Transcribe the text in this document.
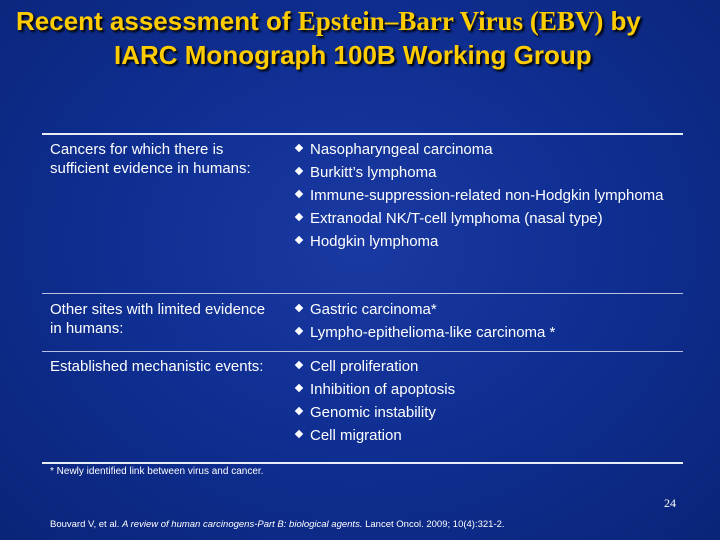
Recent assessment of Epstein–Barr Virus (EBV) by
IARC Monograph 100B Working Group
Cancers for which there is sufficient evidence in humans:
Nasopharyngeal carcinoma
Burkitt’s lymphoma
Immune-suppression-related non-Hodgkin lymphoma
Extranodal NK/T-cell lymphoma (nasal type)
Hodgkin lymphoma
Other sites with limited evidence in humans:
Gastric carcinoma*
Lympho-epithelioma-like carcinoma *
Established mechanistic events:	Cell proliferation
Inhibition of apoptosis
Genomic instability
Cell migration
* Newly identified link between virus and cancer.
24
Bouvard V, et al. A review of human carcinogens-Part B: biological agents. Lancet Oncol. 2009; 10(4):321-2.
